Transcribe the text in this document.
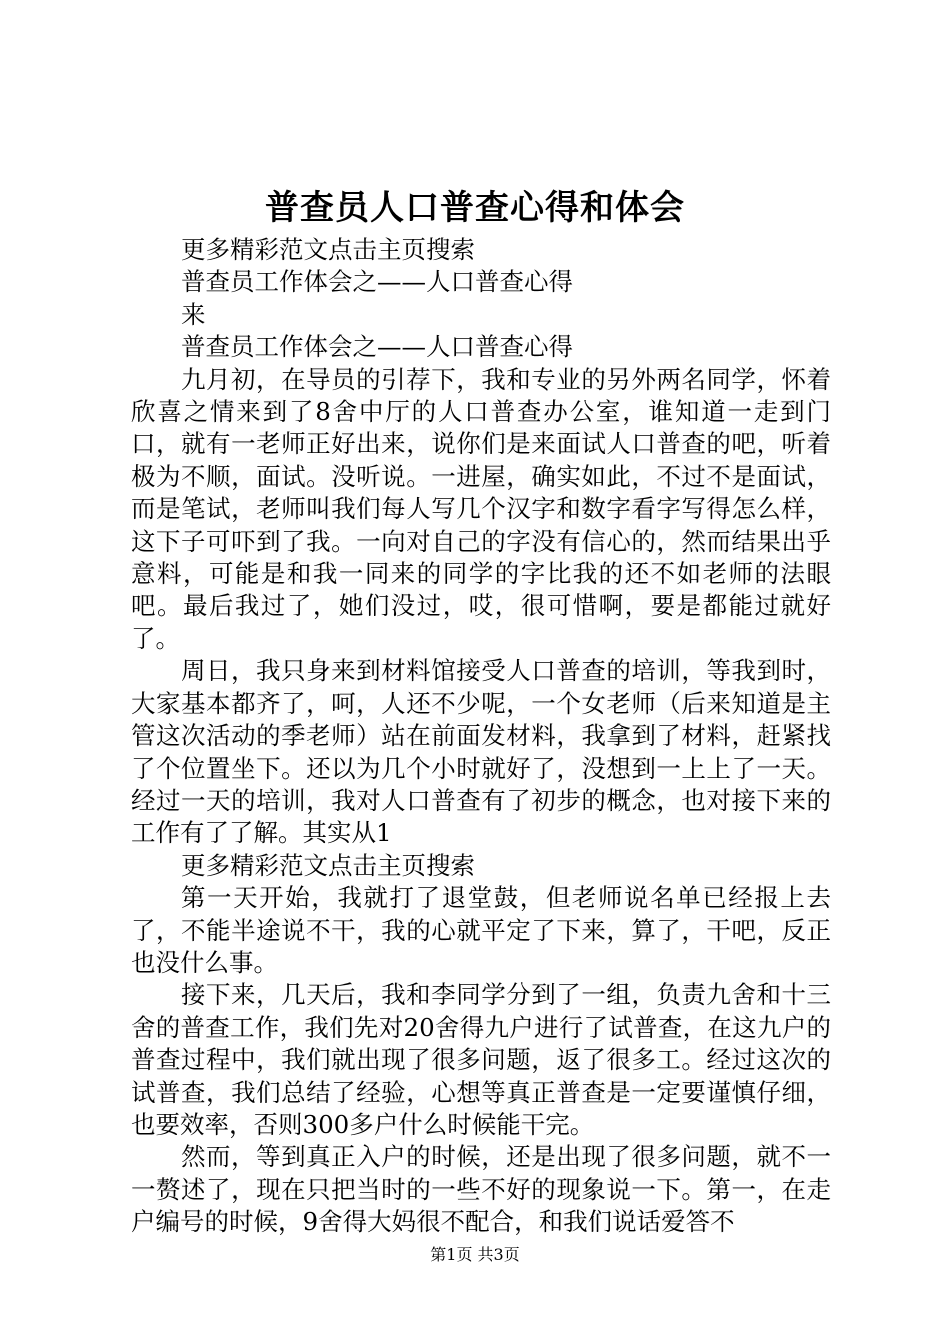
普查员人口普查心得和体会

更多精彩范文点击主页搜索

普查员工作体会之——人口普查心得

来

普查员工作体会之——人口普查心得

九月初，在导员的引荐下，我和专业的另外两名同学，怀着欣喜之情来到了8舍中厅的人口普查办公室，谁知道一走到门口，就有一老师正好出来，说你们是来面试人口普查的吧，听着极为不顺，面试。没听说。一进屋，确实如此，不过不是面试，而是笔试，老师叫我们每人写几个汉字和数字看字写得怎么样，这下子可吓到了我。一向对自己的字没有信心的，然而结果出乎意料，可能是和我一同来的同学的字比我的还不如老师的法眼吧。最后我过了，她们没过，哎，很可惜啊，要是都能过就好了。

周日，我只身来到材料馆接受人口普查的培训，等我到时，大家基本都齐了，呵，人还不少呢，一个女老师（后来知道是主管这次活动的季老师）站在前面发材料，我拿到了材料，赶紧找了个位置坐下。还以为几个小时就好了，没想到一上上了一天。经过一天的培训，我对人口普查有了初步的概念，也对接下来的工作有了了解。其实从1

更多精彩范文点击主页搜索

第一天开始，我就打了退堂鼓，但老师说名单已经报上去了，不能半途说不干，我的心就平定了下来，算了，干吧，反正也没什么事。

接下来，几天后，我和李同学分到了一组，负责九舍和十三舍的普查工作，我们先对20舍得九户进行了试普查，在这九户的普查过程中，我们就出现了很多问题，返了很多工。经过这次的试普查，我们总结了经验，心想等真正普查是一定要谨慎仔细，也要效率，否则300多户什么时候能干完。

然而，等到真正入户的时候，还是出现了很多问题，就不一一赘述了，现在只把当时的一些不好的现象说一下。第一，在走户编号的时候，9舍得大妈很不配合，和我们说话爱答不

第1页 共3页
